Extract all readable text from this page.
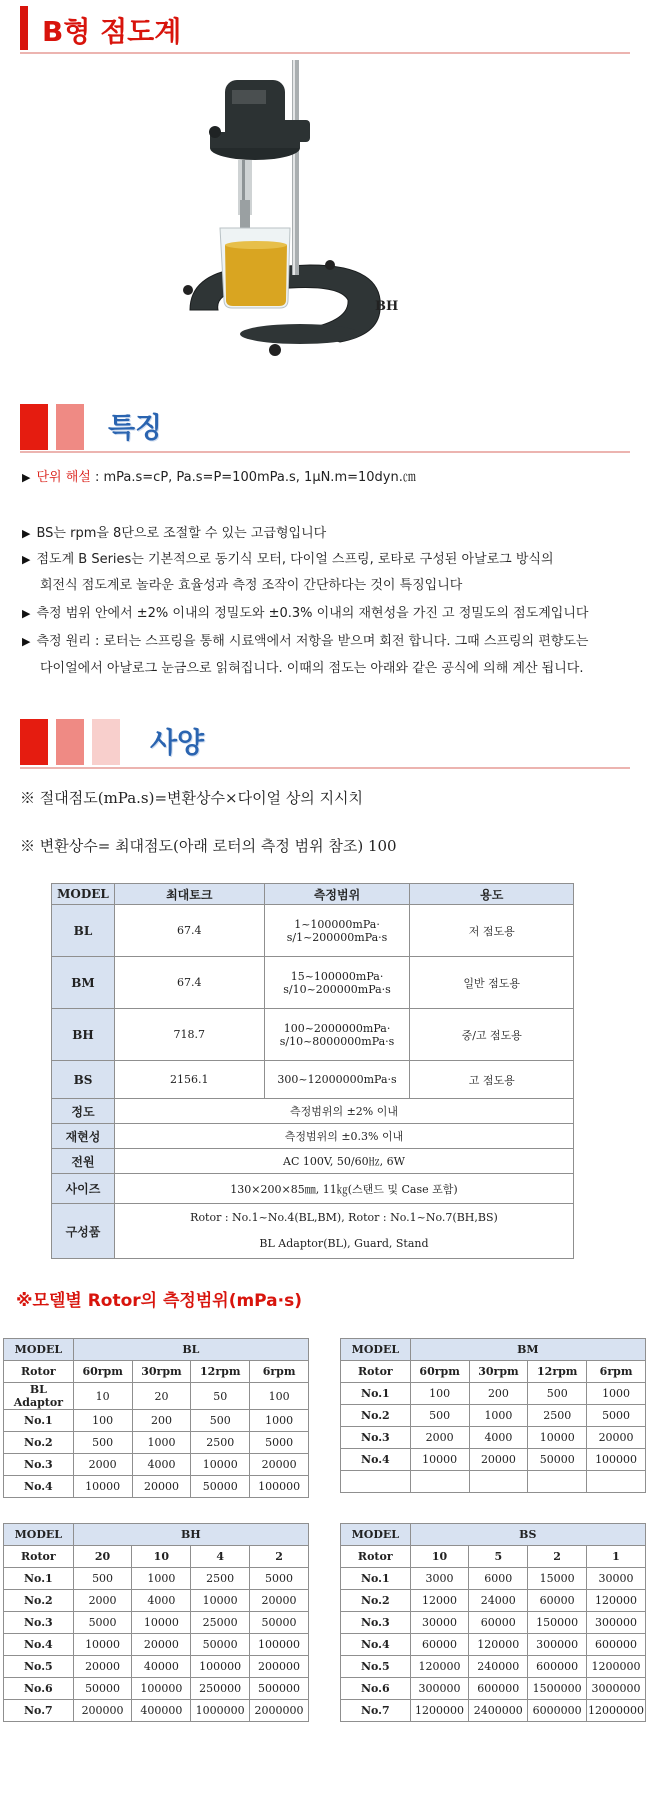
B형 점도계
BH
특징
▶ 단위 해설 : mPa.s=cP, Pa.s=P=100mPa.s, 1μN.m=10dyn.㎝
▶ BS는 rpm을 8단으로 조절할 수 있는 고급형입니다
▶ 점도계 B Series는 기본적으로 동기식 모터, 다이얼 스프링, 로타로 구성된 아날로그 방식의
회전식 점도계로 놀라운 효율성과 측정 조작이 간단하다는 것이 특징입니다
▶ 측정 범위 안에서 ±2% 이내의 정밀도와 ±0.3% 이내의 재현성을 가진 고 정밀도의 점도계입니다
▶ 측정 원리 : 로터는 스프링을 통해 시료액에서 저항을 받으며 회전 합니다. 그때 스프링의 편향도는
다이얼에서 아날로그 눈금으로 읽혀집니다. 이때의 점도는 아래와 같은 공식에 의해 계산 됩니다.
사양
※ 절대점도(mPa.s)=변환상수×다이얼 상의 지시치
※ 변환상수= 최대점도(아래 로터의 측정 범위 참조) 100
MODEL	최대토크	측정범위	용도
BL	67.4	1~100000mPa·
s/1~200000mPa·s	저 점도용
BM	67.4	15~100000mPa·
s/10~200000mPa·s	일반 점도용
BH	718.7	100~2000000mPa·
s/10~8000000mPa·s	중/고 점도용
BS	2156.1	300~12000000mPa·s	고 점도용
정도	측정범위의 ±2% 이내		
재현성	측정범위의 ±0.3% 이내		
전원	AC 100V, 50/60㎐, 6W		
사이즈	130×200×85㎜, 11㎏(스탠드 및 Case 포함)		
구성품	Rotor : No.1~No.4(BL,BM), Rotor : No.1~No.7(BH,BS)
BL Adaptor(BL), Guard, Stand		
※모델별 Rotor의 측정범위(mPa·s)
MODEL	BL			
Rotor	60rpm	30rpm	12rpm	6rpm
BL Adaptor	10	20	50	100
No.1	100	200	500	1000
No.2	500	1000	2500	5000
No.3	2000	4000	10000	20000
No.4	10000	20000	50000	100000
MODEL	BM			
Rotor	60rpm	30rpm	12rpm	6rpm
No.1	100	200	500	1000
No.2	500	1000	2500	5000
No.3	2000	4000	10000	20000
No.4	10000	20000	50000	100000

MODEL	BH			
Rotor	20	10	4	2
No.1	500	1000	2500	5000
No.2	2000	4000	10000	20000
No.3	5000	10000	25000	50000
No.4	10000	20000	50000	100000
No.5	20000	40000	100000	200000
No.6	50000	100000	250000	500000
No.7	200000	400000	1000000	2000000
MODEL	BS			
Rotor	10	5	2	1
No.1	3000	6000	15000	30000
No.2	12000	24000	60000	120000
No.3	30000	60000	150000	300000
No.4	60000	120000	300000	600000
No.5	120000	240000	600000	1200000
No.6	300000	600000	1500000	3000000
No.7	1200000	2400000	6000000	12000000
